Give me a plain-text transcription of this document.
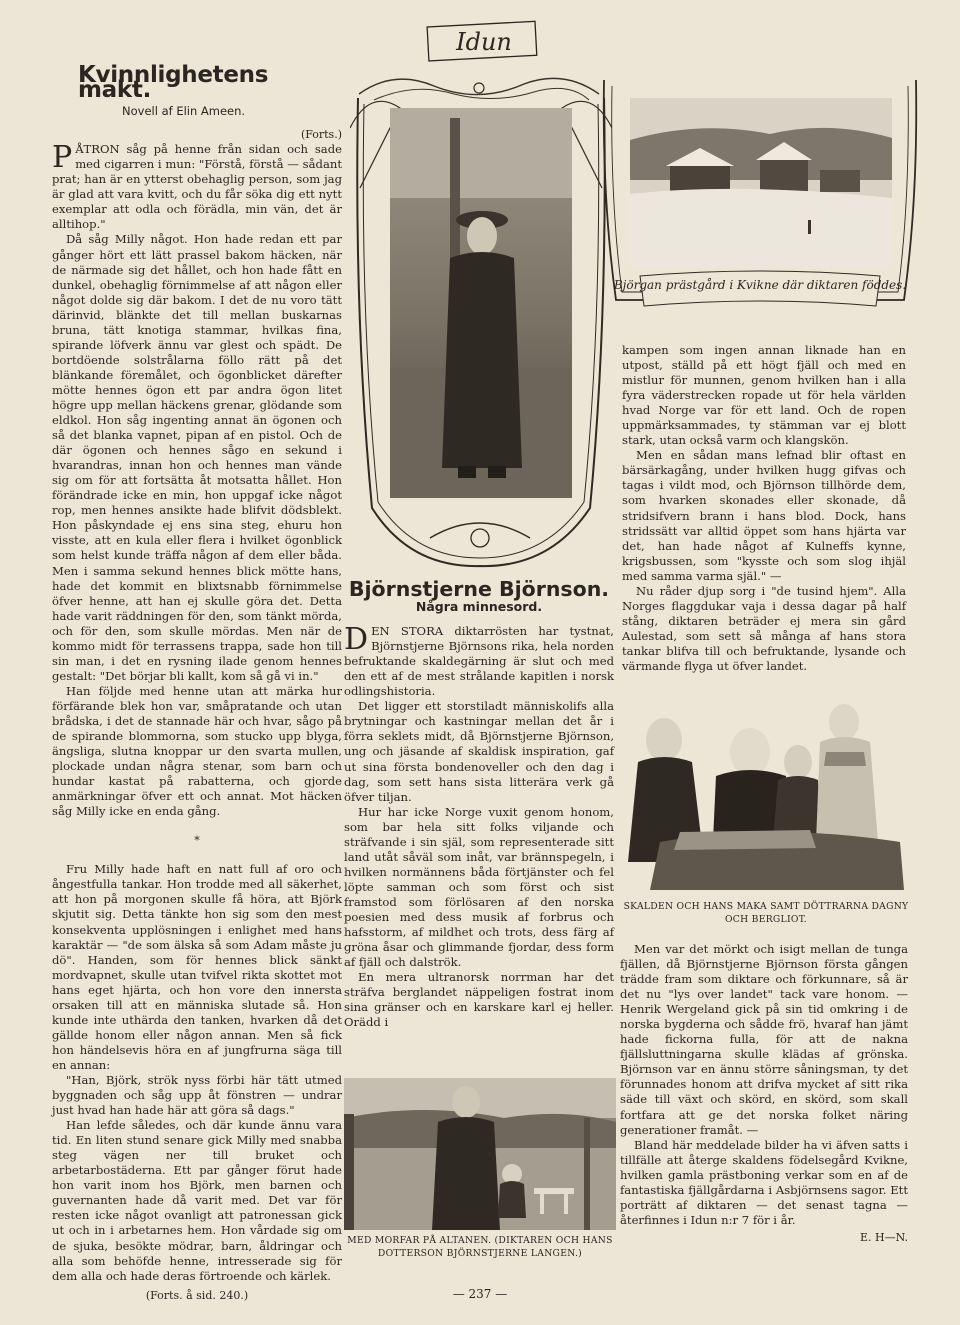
Idun
Kvinnlighetens makt.
Novell af Elin Ameen.
(Forts.)

PÅTRON såg på henne från sidan och sade med cigarren i mun: "Förstå, förstå — sådant prat; han är en ytterst obehaglig person, som jag är glad att vara kvitt, och du får söka dig ett nytt exemplar att odla och förädla, min vän, det är alltihop."

Då såg Milly något. Hon hade redan ett par gånger hört ett lätt prassel bakom häcken, när de närmade sig det hållet, och hon hade fått en dunkel, obehaglig förnimmelse af att någon eller något dolde sig där bakom. I det de nu voro tätt därinvid, blänkte det till mellan buskarnas bruna, tätt knotiga stammar, hvilkas fina, spirande löfverk ännu var glest och spädt. De bortdöende solstrålarna föllo rätt på det blänkande föremålet, och ögonblicket därefter mötte hennes ögon ett par andra ögon litet högre upp mellan häckens grenar, glödande som eldkol. Hon såg ingenting annat än ögonen och så det blanka vapnet, pipan af en pistol. Och de där ögonen och hennes sågo en sekund i hvarandras, innan hon och hennes man vände sig om för att fortsätta åt motsatta hållet. Hon förändrade icke en min, hon uppgaf icke något rop, men hennes ansikte hade blifvit dödsblekt. Hon påskyndade ej ens sina steg, ehuru hon visste, att en kula eller flera i hvilket ögonblick som helst kunde träffa någon af dem eller båda. Men i samma sekund hennes blick mötte hans, hade det kommit en blixtsnabb förnimmelse öfver henne, att han ej skulle göra det. Detta hade varit räddningen för den, som tänkt mörda, och för den, som skulle mördas. Men när de kommo midt för terrassens trappa, sade hon till sin man, i det en rysning ilade genom hennes gestalt: "Det börjar bli kallt, kom så gå vi in."

Han följde med henne utan att märka hur förfärande blek hon var, småpratande och utan brådska, i det de stannade här och hvar, sågo på de spirande blommorna, som stucko upp blyga, ängsliga, slutna knoppar ur den svarta mullen, plockade undan några stenar, som barn och hundar kastat på rabatterna, och gjorde anmärkningar öfver ett och annat. Mot häcken såg Milly icke en enda gång.

*

Fru Milly hade haft en natt full af oro och ångestfulla tankar. Hon trodde med all säkerhet, att hon på morgonen skulle få höra, att Björk skjutit sig. Detta tänkte hon sig som den mest konsekventa upplösningen i enlighet med hans karaktär — "de som älska så som Adam måste ju dö". Handen, som för hennes blick sänkt mordvapnet, skulle utan tvifvel rikta skottet mot hans eget hjärta, och hon vore den innersta orsaken till att en människa slutade så. Hon kunde inte uthärda den tanken, hvarken då det gällde honom eller någon annan. Men så fick hon händelsevis höra en af jungfrurna säga till en annan:

"Han, Björk, strök nyss förbi här tätt utmed byggnaden och såg upp åt fönstren — undrar just hvad han hade här att göra så dags."

Han lefde således, och där kunde ännu vara tid. En liten stund senare gick Milly med snabba steg vägen ner till bruket och arbetarbostäderna. Ett par gånger förut hade hon varit inom hos Björk, men barnen och guvernanten hade då varit med. Det var för resten icke något ovanligt att patronessan gick ut och in i arbetarnes hem. Hon vårdade sig om de sjuka, besökte mödrar, barn, åldringar och alla som behöfde henne, intresserade sig för dem alla och hade deras förtroende och kärlek.

(Forts. å sid. 240.)
Björgan prästgård i Kvikne där diktaren föddes.
Björnstjerne Björnson.
Några minnesord.

DEN STORA diktarrösten har tystnat, Björnstjerne Björnsons rika, hela norden befruktande skaldegärning är slut och med den ett af de mest strålande kapitlen i norsk odlingshistoria.

Det ligger ett storstiladt människolifs alla brytningar och kastningar mellan det år i förra seklets midt, då Björnstjerne Björnson, ung och jäsande af skaldisk inspiration, gaf ut sina första bondenoveller och den dag i dag, som sett hans sista litterära verk gå öfver tiljan.

Hur har icke Norge vuxit genom honom, som bar hela sitt folks viljande och sträfvande i sin själ, som representerade sitt land utåt såväl som inåt, var brännspegeln, i hvilken normännens båda förtjänster och fel löpte samman och som först och sist framstod som förlösaren af den norska poesien med dess musik af forbrus och hafsstorm, af mildhet och trots, dess färg af gröna åsar och glimmande fjordar, dess form af fjäll och dalströk.

En mera ultranorsk norrman har det sträfva berglandet näppeligen fostrat inom sina gränser och en karskare karl ej heller. Orädd i

MED MORFAR PÅ ALTANEN. (DIKTAREN OCH HANS DOTTERSON BJÖRNSTJERNE LANGEN.)

kampen som ingen annan liknade han en utpost, ställd på ett högt fjäll och med en mistlur för munnen, genom hvilken han i alla fyra väderstrecken ropade ut för hela världen hvad Norge var för ett land. Och de ropen uppmärksammades, ty stämman var ej blott stark, utan också varm och klangskön.

Men en sådan mans lefnad blir oftast en bärsärkagång, under hvilken hugg gifvas och tagas i vildt mod, och Björnson tillhörde dem, som hvarken skonades eller skonade, då stridsifvern brann i hans blod. Dock, hans stridssätt var alltid öppet som hans hjärta var det, han hade något af Kulneffs kynne, krigsbussen, som "kysste och som slog ihjäl med samma varma själ." —

Nu råder djup sorg i "de tusind hjem". Alla Norges flaggdukar vaja i dessa dagar på half stång, diktaren beträder ej mera sin gård Aulestad, som sett så mångа af hans stora tankar blifva till och befruktande, lysande och värmande flyga ut öfver landet.

SKALDEN OCH HANS MAKA SAMT DÖTTRARNA DAGNY OCH BERGLIOT.

Men var det mörkt och isigt mellan de tunga fjällen, då Björnstjerne Björnson första gången trädde fram som diktare och förkunnare, så är det nu "lys over landet" tack vare honom. — Henrik Wergeland gick på sin tid omkring i de norska bygderna och sådde frö, hvaraf han jämt hade fickorna fulla, för att de nakna fjällsluttningarna skulle klädas af grönska. Björnson var en ännu större såningsman, ty det förunnades honom att drifva mycket af sitt rika säde till växt och skörd, en skörd, som skall fortfara att ge det norska folket näring generationer framåt. —

Bland här meddelade bilder ha vi äfven satts i tillfälle att återge skaldens födelsegård Kvikne, hvilken gamla prästboning verkar som en af de fantastiska fjällgårdarna i Asbjörnsens sagor. Ett porträtt af diktaren — det senast tagna — återfinnes i Idun n:r 7 för i år.

E. H—N.
— 237 —
